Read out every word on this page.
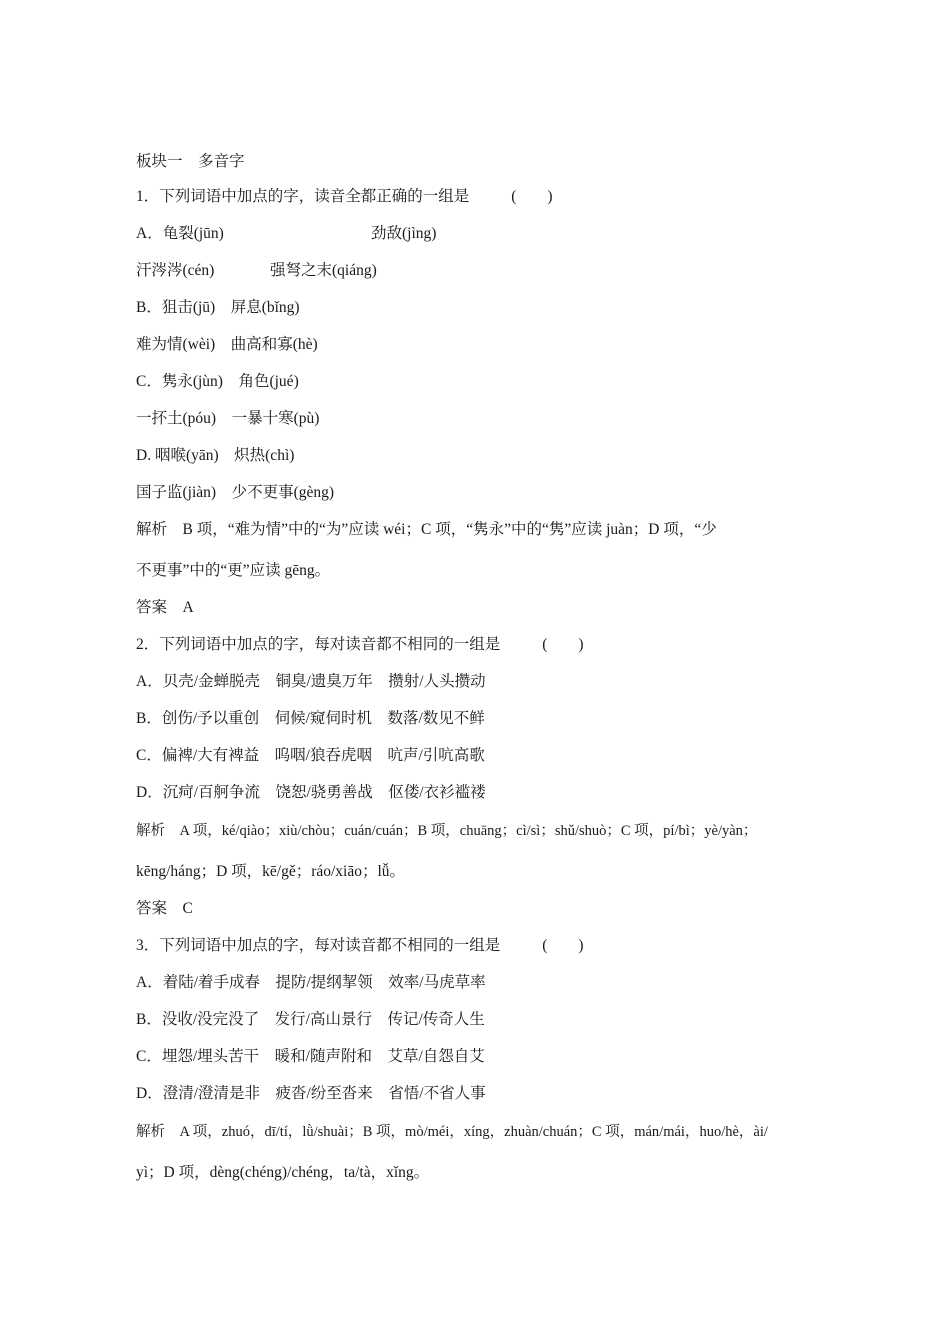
板块一　多音字
1．下列词语中加点的字，读音全都正确的一组是	(　　)
A．龟裂(jūn)	劲敌(jìng)
汗涔涔(cén)	强弩之末(qiáng)
B．狙击(jū)　屏息(bǐng)
难为情(wèi)　曲高和寡(hè)
C．隽永(jùn)　角色(jué)
一抔土(póu)　一暴十寒(pù)
D. 咽喉(yān)　炽热(chì)
国子监(jiàn)　少不更事(gèng)
解析　B 项，“难为情”中的“为”应读 wéi；C 项，“隽永”中的“隽”应读 juàn；D 项，“少
不更事”中的“更”应读 gēng。
答案　A
2．下列词语中加点的字，每对读音都不相同的一组是	(　　)
A．贝壳/金蝉脱壳　铜臭/遗臭万年　攒射/人头攒动
B．创伤/予以重创　伺候/窥伺时机　数落/数见不鲜
C．偏裨/大有裨益　呜咽/狼吞虎咽　吭声/引吭高歌
D．沉疴/百舸争流　饶恕/骁勇善战　伛偻/衣衫褴褛
解析　A 项，ké/qiào；xiù/chòu；cuán/cuán；B 项，chuāng；cì/sì；shǔ/shuò；C 项，pí/bì；yè/yàn；
kēng/háng；D 项，kē/gě；ráo/xiāo；lǚ。
答案　C
3．下列词语中加点的字，每对读音都不相同的一组是	(　　)
A．着陆/着手成春　提防/提纲挈领　效率/马虎草率
B．没收/没完没了　发行/高山景行　传记/传奇人生
C．埋怨/埋头苦干　暖和/随声附和　艾草/自怨自艾
D．澄清/澄清是非　疲沓/纷至沓来　省悟/不省人事
解析　A 项，zhuó，dī/tí，lǜ/shuài；B 项，mò/méi，xíng，zhuàn/chuán；C 项，mán/mái，huo/hè，ài/
yì；D 项，dèng(chéng)/chéng，ta/tà，xǐng。
